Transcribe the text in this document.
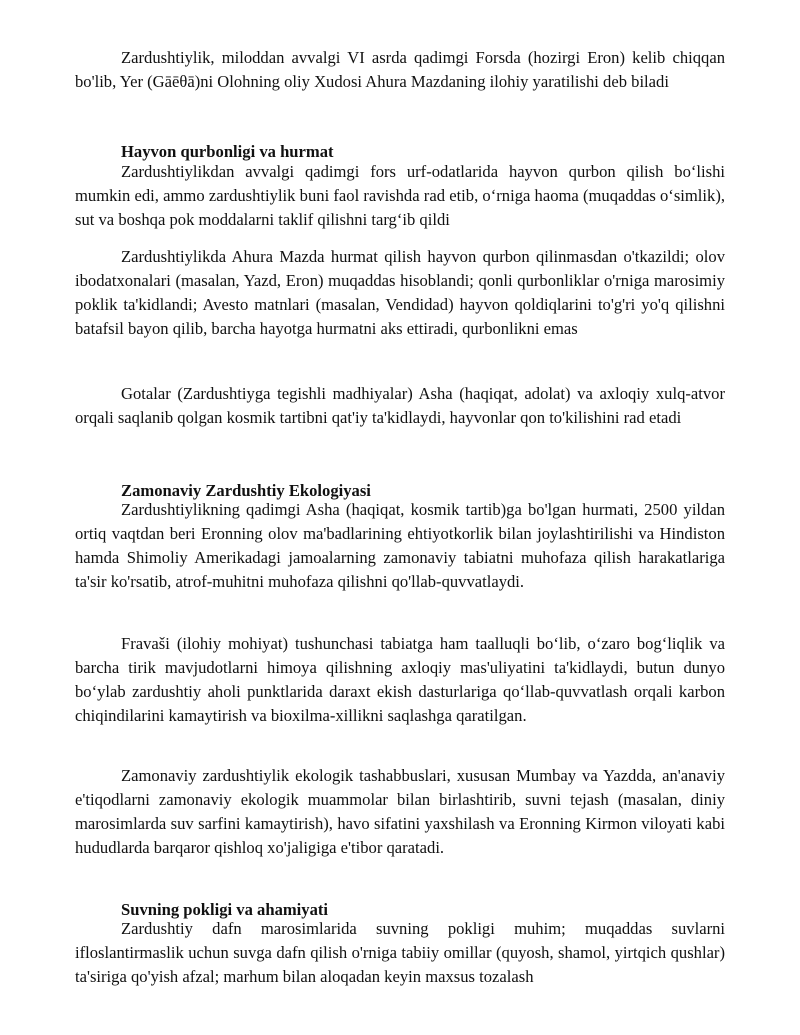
Zardushtiylik, miloddan avvalgi VI asrda qadimgi Forsda (hozirgi Eron) kelib chiqqan bo'lib, Yer (Gāēθā)ni Olohning oliy Xudosi Ahura Mazdaning ilohiy yaratilishi deb biladi

Hayvon qurbonligi va hurmat

Zardushtiylikdan avvalgi qadimgi fors urf-odatlarida hayvon qurbon qilish bo‘lishi mumkin edi, ammo zardushtiylik buni faol ravishda rad etib, o‘rniga haoma (muqaddas o‘simlik), sut va boshqa pok moddalarni taklif qilishni targ‘ib qildi

Zardushtiylikda Ahura Mazda hurmat qilish hayvon qurbon qilinmasdan o'tkazildi; olov ibodatxonalari (masalan, Yazd, Eron) muqaddas hisoblandi; qonli qurbonliklar o'rniga marosimiy poklik ta'kidlandi; Avesto matnlari (masalan, Vendidad) hayvon qoldiqlarini to'g'ri yo'q qilishni batafsil bayon qilib, barcha hayotga hurmatni aks ettiradi, qurbonlikni emas

Gotalar (Zardushtiyga tegishli madhiyalar) Asha (haqiqat, adolat) va axloqiy xulq-atvor orqali saqlanib qolgan kosmik tartibni qat'iy ta'kidlaydi, hayvonlar qon to'kilishini rad etadi

Zamonaviy Zardushtiy Ekologiyasi

Zardushtiylikning qadimgi Asha (haqiqat, kosmik tartib)ga bo'lgan hurmati, 2500 yildan ortiq vaqtdan beri Eronning olov ma'badlarining ehtiyotkorlik bilan joylashtirilishi va Hindiston hamda Shimoliy Amerikadagi jamoalarning zamonaviy tabiatni muhofaza qilish harakatlariga ta'sir ko'rsatib, atrof-muhitni muhofaza qilishni qo'llab-quvvatlaydi.

Fravaši (ilohiy mohiyat) tushunchasi tabiatga ham taalluqli bo‘lib, o‘zaro bog‘liqlik va barcha tirik mavjudotlarni himoya qilishning axloqiy mas'uliyatini ta'kidlaydi, butun dunyo bo‘ylab zardushtiy aholi punktlarida daraxt ekish dasturlariga qo‘llab-quvvatlash orqali karbon chiqindilarini kamaytirish va bioxilma-xillikni saqlashga qaratilgan.

Zamonaviy zardushtiylik ekologik tashabbuslari, xususan Mumbay va Yazdda, an'anaviy e'tiqodlarni zamonaviy ekologik muammolar bilan birlashtirib, suvni tejash (masalan, diniy marosimlarda suv sarfini kamaytirish), havo sifatini yaxshilash va Eronning Kirmon viloyati kabi hududlarda barqaror qishloq xo'jaligiga e'tibor qaratadi.

Suvning pokligi va ahamiyati

Zardushtiy dafn marosimlarida suvning pokligi muhim; muqaddas suvlarni ifloslantirmaslik uchun suvga dafn qilish o'rniga tabiiy omillar (quyosh, shamol, yirtqich qushlar) ta'siriga qo'yish afzal; marhum bilan aloqadan keyin maxsus tozalash
